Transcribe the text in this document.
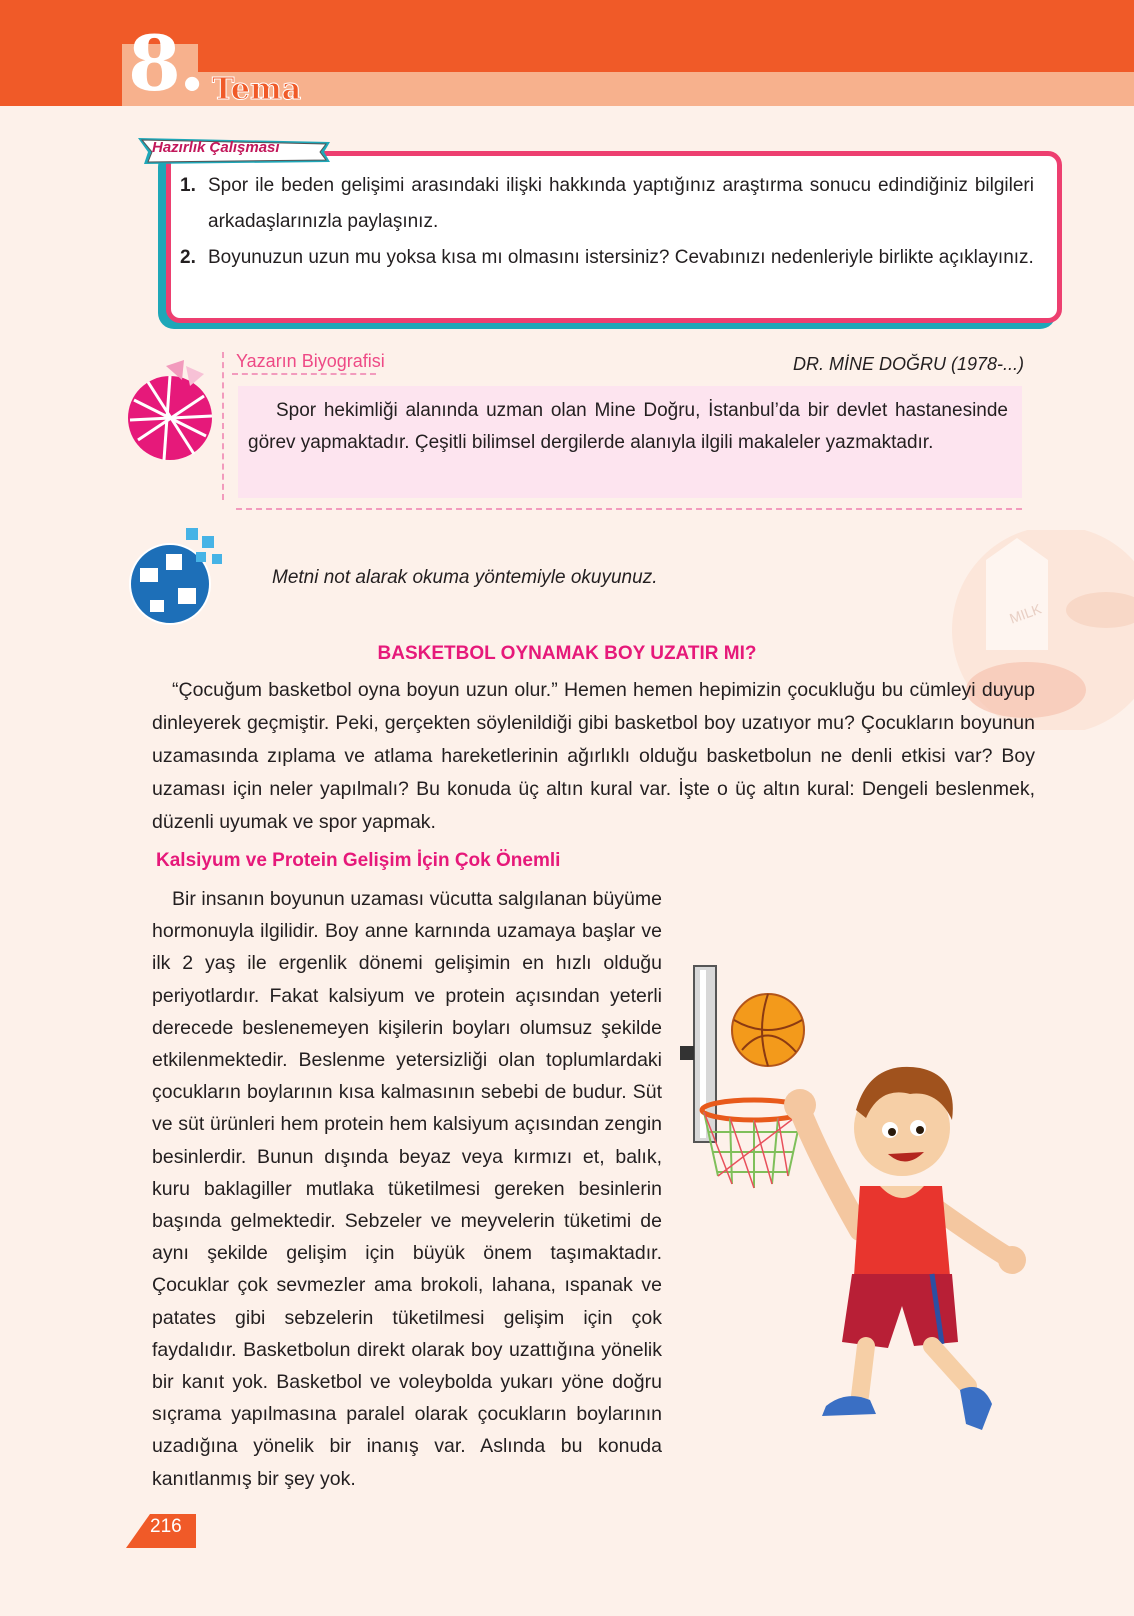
8. Tema
Hazırlık Çalışması
1. Spor ile beden gelişimi arasındaki ilişki hakkında yaptığınız araştırma sonucu edindiğiniz bilgileri arkadaşlarınızla paylaşınız.
2. Boyunuzun uzun mu yoksa kısa mı olmasını istersiniz? Cevabınızı nedenleriyle birlikte açıklayınız.
Yazarın Biyografisi	DR. MİNE DOĞRU (1978-...)
Spor hekimliği alanında uzman olan Mine Doğru, İstanbul’da bir devlet hastanesinde görev yapmaktadır. Çeşitli bilimsel dergilerde alanıyla ilgili makaleler yazmaktadır.
Metni not alarak okuma yöntemiyle okuyunuz.
MILK
BASKETBOL OYNAMAK BOY UZATIR MI?
“Çocuğum basketbol oyna boyun uzun olur.” Hemen hemen hepimizin çocukluğu bu cümleyi duyup dinleyerek geçmiştir. Peki, gerçekten söylenildiği gibi basketbol boy uzatıyor mu? Çocukların boyunun uzamasında zıplama ve atlama hareketlerinin ağırlıklı olduğu basketbolun ne denli etkisi var? Boy uzaması için neler yapılmalı? Bu konuda üç altın kural var. İşte o üç altın kural: Dengeli beslenmek, düzenli uyumak ve spor yapmak.
Kalsiyum ve Protein Gelişim İçin Çok Önemli
Bir insanın boyunun uzaması vücutta salgılanan büyüme hormonuyla ilgilidir. Boy anne karnında uzamaya başlar ve ilk 2 yaş ile ergenlik dönemi gelişimin en hızlı olduğu periyotlardır. Fakat kalsiyum ve protein açısından yeterli derecede beslenemeyen kişilerin boyları olumsuz şekilde etkilenmektedir. Beslenme yetersizliği olan toplumlardaki çocukların boylarının kısa kalmasının sebebi de budur. Süt ve süt ürünleri hem protein hem kalsiyum açısından zengin besinlerdir. Bunun dışında beyaz veya kırmızı et, balık, kuru baklagiller mutlaka tüketilmesi gereken besinlerin başında gelmektedir. Sebzeler ve meyvelerin tüketimi de aynı şekilde gelişim için büyük önem taşımaktadır. Çocuklar çok sevmezler ama brokoli, lahana, ıspanak ve patates gibi sebzelerin tüketilmesi gelişim için çok faydalıdır. Basketbolun direkt olarak boy uzattığına yönelik bir kanıt yok. Basketbol ve voleybolda yukarı yöne doğru sıçrama yapılmasına paralel olarak çocukların boylarının uzadığına yönelik bir inanış var. Aslında bu konuda kanıtlanmış bir şey yok.
216
